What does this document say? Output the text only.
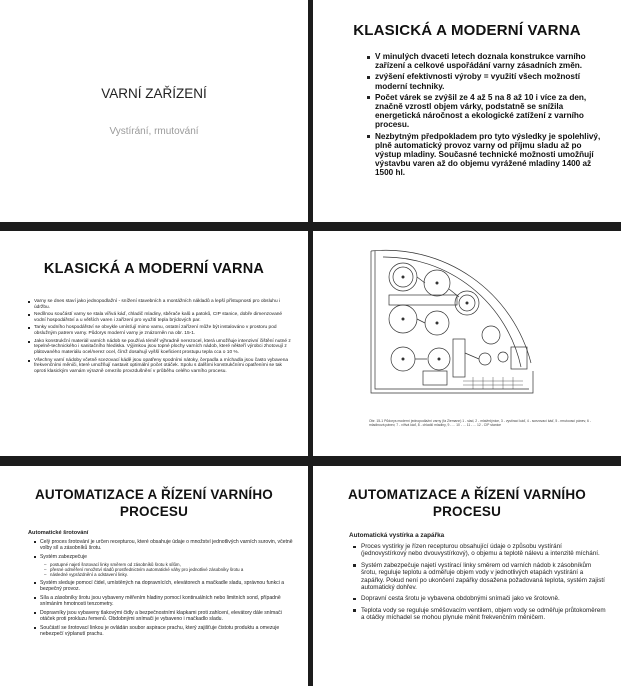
VARNÍ ZAŘÍZENÍ
Vystírání, rmutování
KLASICKÁ A MODERNÍ VARNA
V minulých dvaceti letech doznala konstrukce varního zařízení a celkové uspořádání varny zásadních změn.
zvýšení efektivnosti výroby = využití všech možností moderní techniky.
Počet várek se zvýšil ze 4 až 5 na 8 až 10 i více za den, značně vzrostl objem várky, podstatně se snížila energetická náročnost a ekologické zatížení z varního procesu.
Nezbytným předpokladem pro tyto výsledky je spolehlivý, plně automatický provoz varny od příjmu sladu až po výstup mladiny. Současné technické možnosti umožňují výstavbu varen až do objemu vyrážené mladiny 1400 až 1500 hl.
KLASICKÁ A MODERNÍ VARNA
Varny se dnes staví jako jednopodlažní - snížení stavebních a montážních nákladů a lepší přístupnosti pro obsluhu i údržbu.
Nedílnou součástí varny se stala vířivá káď, chladič mladiny, sběrače kalů a patoků, CIP stanice, dobře dimenzované vodní hospodářství a u větších varen i zařízení pro využití tepla brýdových par.
Tanky vodního hospodářství se obvykle umísťují mimo varnu, ostatní zařízení může být instalováno v prostoru pod obslužným patrem varny. Půdorys moderní varny je znázorněn na obr. 15-1.
Jako konstrukční materiál varních nádob se používá téměř výhradně nerezocel, která umožňuje intenzivní čištění nutné z tepelně-technického i sanitačního hlediska. Výjimkou jsou topné plochy varních nádob, které někteří výrobci zhotovují z plátovaného materiálu ocel/nerez ocel, čímž dosahují vyšší koeficient prostupu tepla cca o 10 %.
Všechny varní nádoby včetně scezovací kádě jsou opatřeny spodními nátoky, čerpadla a míchadla jsou často vybavena frekvenčními měniči, které umožňují nastavit optimální počet otáček. Spolu s dalšími konstrukčními opatřeními se tak oproti klasickým varnám výrazně omezilo provzdušnění v průběhu celého varního procesu.
Obr. 15-1 Půdorys moderní jednopodlažní varny (fa Ziemann) 1 - slad, 2 - mlat/mlýnice, 3 - vystírací káď, 4 - scezovací káď, 5 - rmutovací pánev, 6 - mladinová pánev, 7 - vířivá káď, 8 - chladič mladiny, 9 - ... 10 - ... 11 - ... 12 - CIP stanice
AUTOMATIZACE A ŘÍZENÍ VARNÍHO PROCESU
Automatické šrotování
Celý proces šrotování je určen recepturou, které obsahuje údaje o množství jednotlivých varních surovin, včetně volby síl a zásobníků šrotu.
Systém zabezpečuje
– postupné najetí šrotovací linky směrem od zásobníků šrotu k sílům,
– přesné odměření množství sladů prostřednictvím automatické váhy pro jednotlivé zásobníky šrotu a
– následné vyprázdnění a odstavení linky.
Systém sleduje pomocí čidel, umístěných na dopravnících, elevátorech a mačkadle sladu, správnou funkci a bezpečný provoz.
Síla a zásobníky šrotu jsou vybaveny měřením hladiny pomocí kontinuálních nebo limitních sond, případně snímáním hmotnosti tenzometry.
Dopravníky jsou vybaveny tlakovými čidly a bezpečnostními klapkami proti zahlcení, elevátory dále snímači otáček proti prokluzu řemenů. Obdobnými snímači je vybaveno i mačkadlo sladu.
Součástí se šrotovací linkou je ovládán soubor aspirace prachu, který zajišťuje čistotu produktu a omezuje nebezpečí výplanutí prachu.
AUTOMATIZACE A ŘÍZENÍ VARNÍHO PROCESU
Automatická vystírka a zapářka
Proces vystírky je řízen recepturou obsahující údaje o způsobu vystírání (jednovystírkový nebo dvouvystírkový), o objemu a teplotě nálevu a intenzitě míchání.
Systém zabezpečuje najetí vystírací linky směrem od varních nádob k zásobníkům šrotu, reguluje teplotu a odměřuje objem vody v jednotlivých etapách vystírání a zapářky. Pokud není po ukončení zapářky dosažena požadovaná teplota, systém zajistí automatický dohřev.
Dopravní cesta šrotu je vybavena obdobnými snímači jako ve šrotovně.
Teplota vody se reguluje směšovacím ventilem, objem vody se odměřuje průtokoměrem a otáčky míchadel se mohou plynule měnit frekvenčním měničem.
